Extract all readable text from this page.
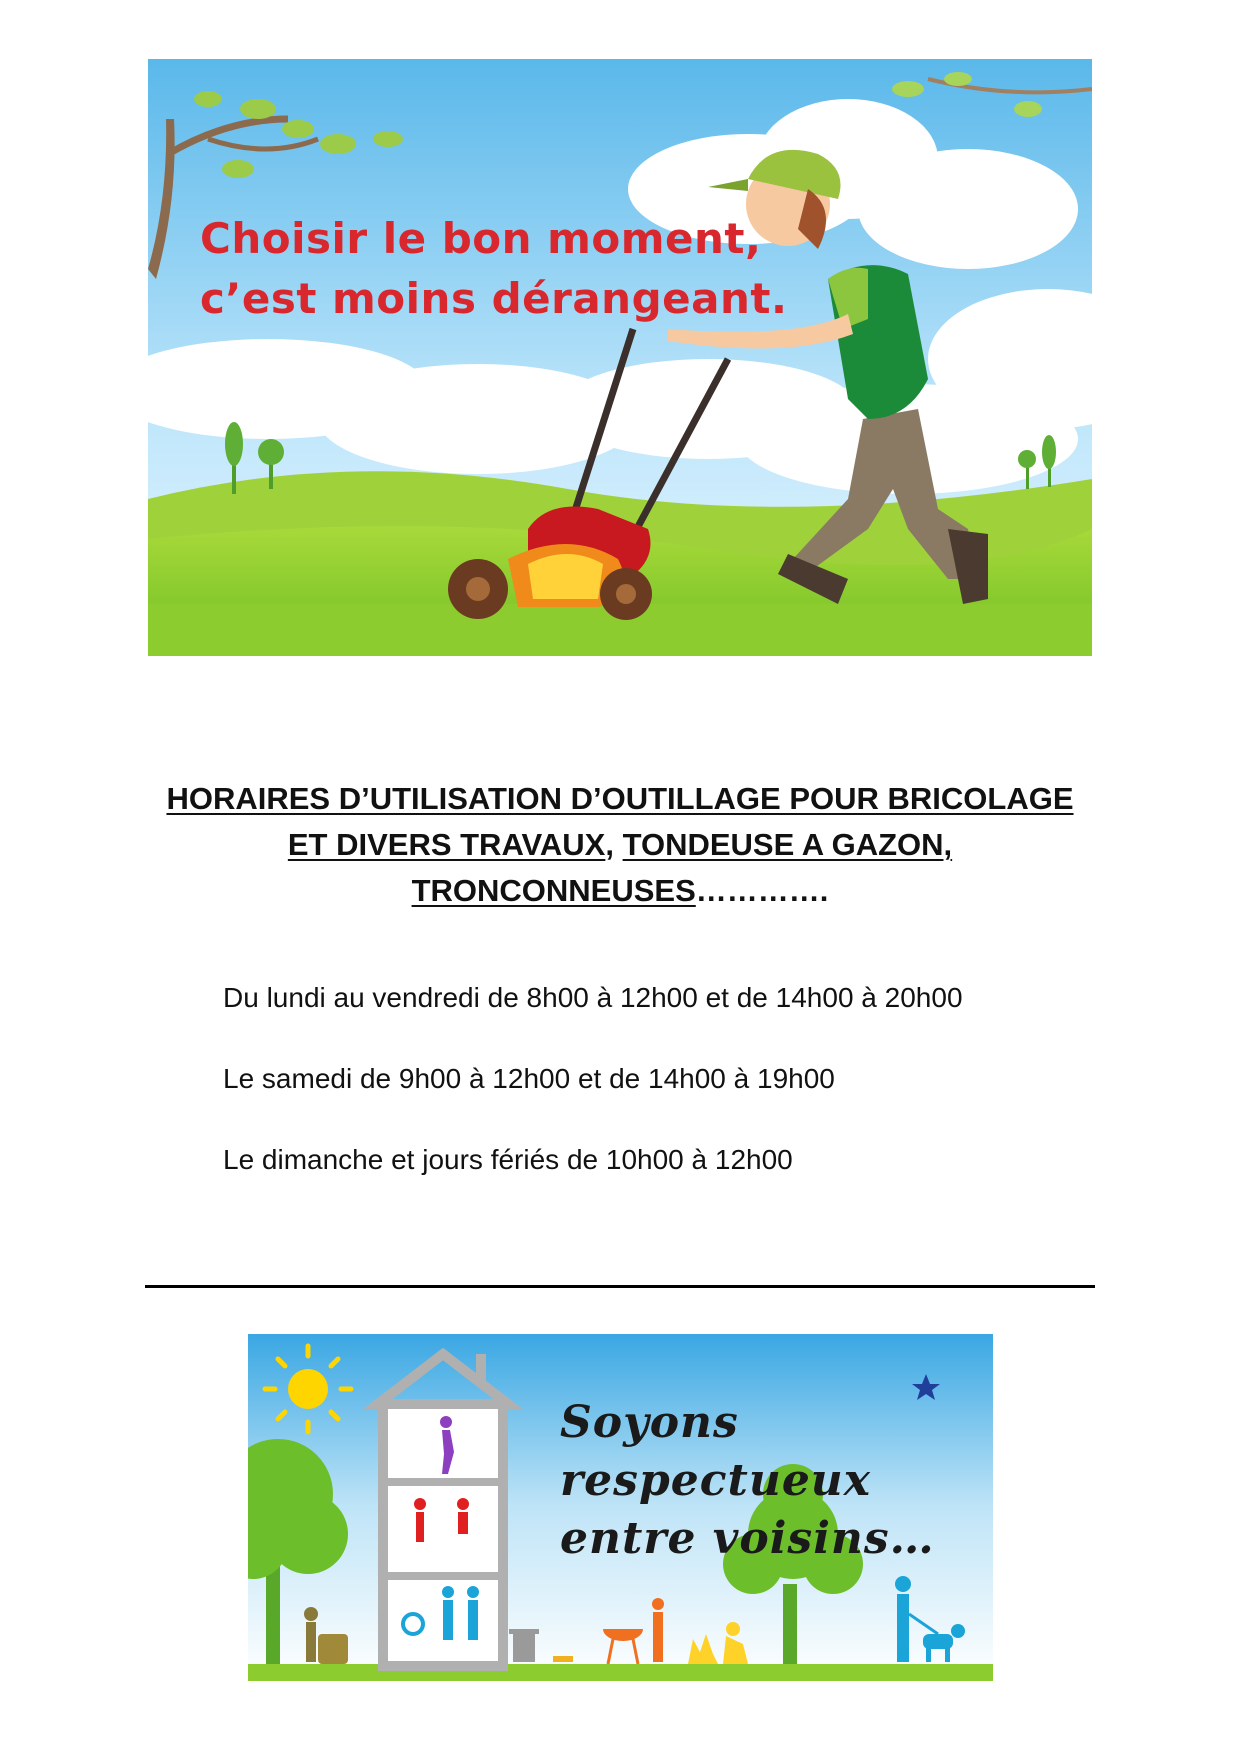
Choisir le bon moment,
c’est moins dérangeant.

HORAIRES D’UTILISATION D’OUTILLAGE POUR BRICOLAGE ET DIVERS TRAVAUX, TONDEUSE A GAZON,
TRONCONNEUSES………….
Du lundi au vendredi de 8h00 à 12h00 et de 14h00 à 20h00
Le samedi de 9h00 à 12h00 et de 14h00 à 19h00
Le dimanche et jours fériés de 10h00 à 12h00

Soyons
respectueux
entre voisins…
